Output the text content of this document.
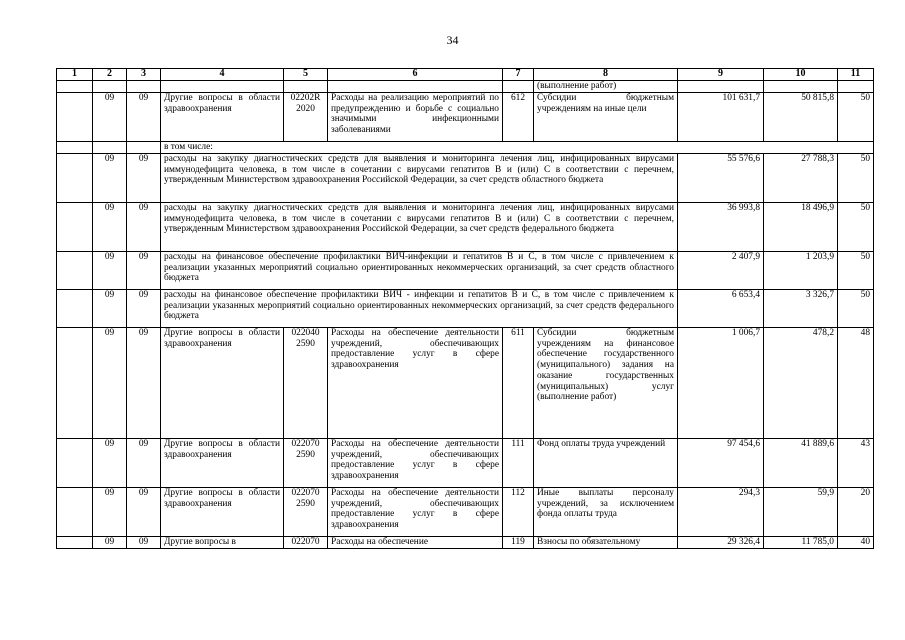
34
1	2	3	4	5	6	7	8	9	10	11
							(выполнение работ)			
	09	09	Другие вопросы в области здравоохранения	02202R 2020	Расходы на реализацию мероприятий по предупреждению и борьбе с социально значимыми инфекционными заболеваниями	612	Субсидии бюджетным учреждениям на иные цели	101 631,7	50 815,8	50
			в том числе:							
	09	09	расходы на закупку диагностических средств для выявления и мониторинга лечения лиц, инфицированных вирусами иммунодефицита человека, в том числе в сочетании с вирусами гепатитов B и (или) C в соответствии с перечнем, утвержденным Министерством здравоохранения Российской Федерации, за счет средств областного бюджета					55 576,6	27 788,3	50
	09	09	расходы на закупку диагностических средств для выявления и мониторинга лечения лиц, инфицированных вирусами иммунодефицита человека, в том числе в сочетании с вирусами гепатитов B и (или) C в соответствии с перечнем, утвержденным Министерством здравоохранения Российской Федерации, за счет средств федерального бюджета					36 993,8	18 496,9	50
	09	09	расходы на финансовое обеспечение профилактики ВИЧ-инфекции и гепатитов B и C, в том числе с привлечением к реализации указанных мероприятий социально ориентированных некоммерческих организаций, за счет средств областного бюджета					2 407,9	1 203,9	50
	09	09	расходы на финансовое обеспечение профилактики ВИЧ - инфекции и гепатитов B и C, в том числе с привлечением к реализации указанных мероприятий социально ориентированных некоммерческих организаций, за счет средств федерального бюджета					6 653,4	3 326,7	50
	09	09	Другие вопросы в области здравоохранения	022040 2590	Расходы на обеспечение деятельности учреждений, обеспечивающих предоставление услуг в сфере здравоохранения	611	Субсидии бюджетным учреждениям на финансовое обеспечение государственного (муниципального) задания на оказание государственных (муниципальных) услуг (выполнение работ)	1 006,7	478,2	48
	09	09	Другие вопросы в области здравоохранения	022070 2590	Расходы на обеспечение деятельности учреждений, обеспечивающих предоставление услуг в сфере здравоохранения	111	Фонд оплаты труда учреждений	97 454,6	41 889,6	43
	09	09	Другие вопросы в области здравоохранения	022070 2590	Расходы на обеспечение деятельности учреждений, обеспечивающих предоставление услуг в сфере здравоохранения	112	Иные выплаты персоналу учреждений, за исключением фонда оплаты труда	294,3	59,9	20
	09	09	Другие вопросы в	022070	Расходы на обеспечение	119	Взносы по обязательному	29 326,4	11 785,0	40
